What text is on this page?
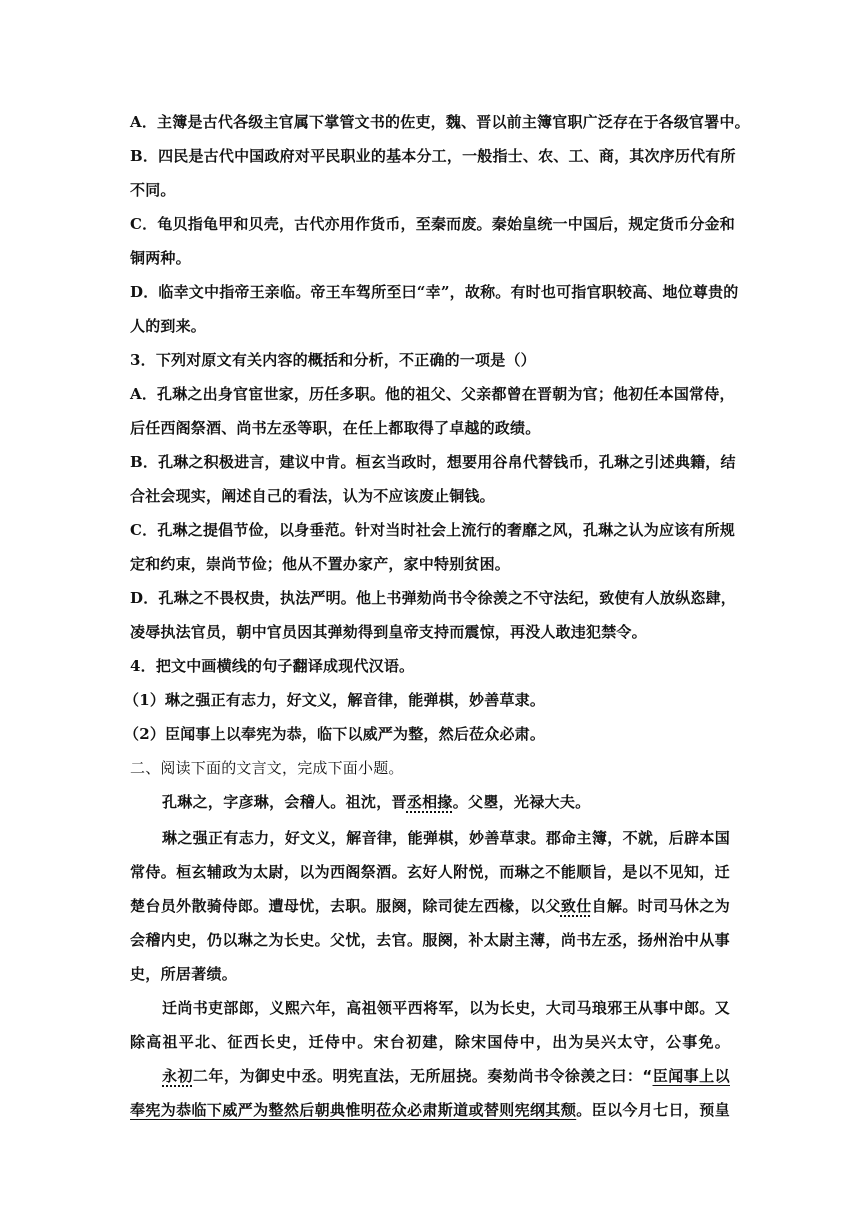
A．主簿是古代各级主官属下掌管文书的佐吏，魏、晋以前主簿官职广泛存在于各级官署中。
B．四民是古代中国政府对平民职业的基本分工，一般指士、农、工、商，其次序历代有所
不同。
C．龟贝指龟甲和贝壳，古代亦用作货币，至秦而废。秦始皇统一中国后，规定货币分金和
铜两种。
D．临幸文中指帝王亲临。帝王车驾所至曰“幸”，故称。有时也可指官职较高、地位尊贵的
人的到来。
3．下列对原文有关内容的概括和分析，不正确的一项是（）
A．孔琳之出身官宦世家，历任多职。他的祖父、父亲都曾在晋朝为官；他初任本国常侍，
后任西阁祭酒、尚书左丞等职，在任上都取得了卓越的政绩。
B．孔琳之积极进言，建议中肯。桓玄当政时，想要用谷帛代替钱币，孔琳之引述典籍，结
合社会现实，阐述自己的看法，认为不应该废止铜钱。
C．孔琳之提倡节俭，以身垂范。针对当时社会上流行的奢靡之风，孔琳之认为应该有所规
定和约束，崇尚节俭；他从不置办家产，家中特别贫困。
D．孔琳之不畏权贵，执法严明。他上书弹劾尚书令徐羡之不守法纪，致使有人放纵恣肆，
凌辱执法官员，朝中官员因其弹劾得到皇帝支持而震惊，再没人敢违犯禁令。
4．把文中画横线的句子翻译成现代汉语。
（1）琳之强正有志力，好文义，解音律，能弹棋，妙善草隶。
（2）臣闻事上以奉宪为恭，临下以威严为整，然后莅众必肃。
二、阅读下面的文言文，完成下面小题。
孔琳之，字彦琳，会稽人。祖沈，晋丞相掾。父瞾，光禄大夫。
琳之强正有志力，好文义，解音律，能弹棋，妙善草隶。郡命主簿，不就，后辟本国
常侍。桓玄辅政为太尉，以为西阁祭酒。玄好人附悦，而琳之不能顺旨，是以不见知，迁
楚台员外散骑侍郎。遭母忧，去职。服阕，除司徒左西椽，以父致仕自解。时司马休之为
会稽内史，仍以琳之为长史。父忧，去官。服阕，补太尉主薄，尚书左丞，扬州治中从事
史，所居著绩。
迁尚书吏部郎，义熙六年，高祖领平西将军，以为长史，大司马琅邪王从事中郎。又
除高祖平北、征西长史，迁侍中。宋台初建，除宋国侍中，出为吴兴太守，公事免。
永初二年，为御史中丞。明宪直法，无所屈挠。奏劾尚书令徐羡之曰：“臣闻事上以
奉宪为恭临下威严为整然后朝典惟明莅众必肃斯道或替则宪纲其颓。臣以今月七日，预皇
